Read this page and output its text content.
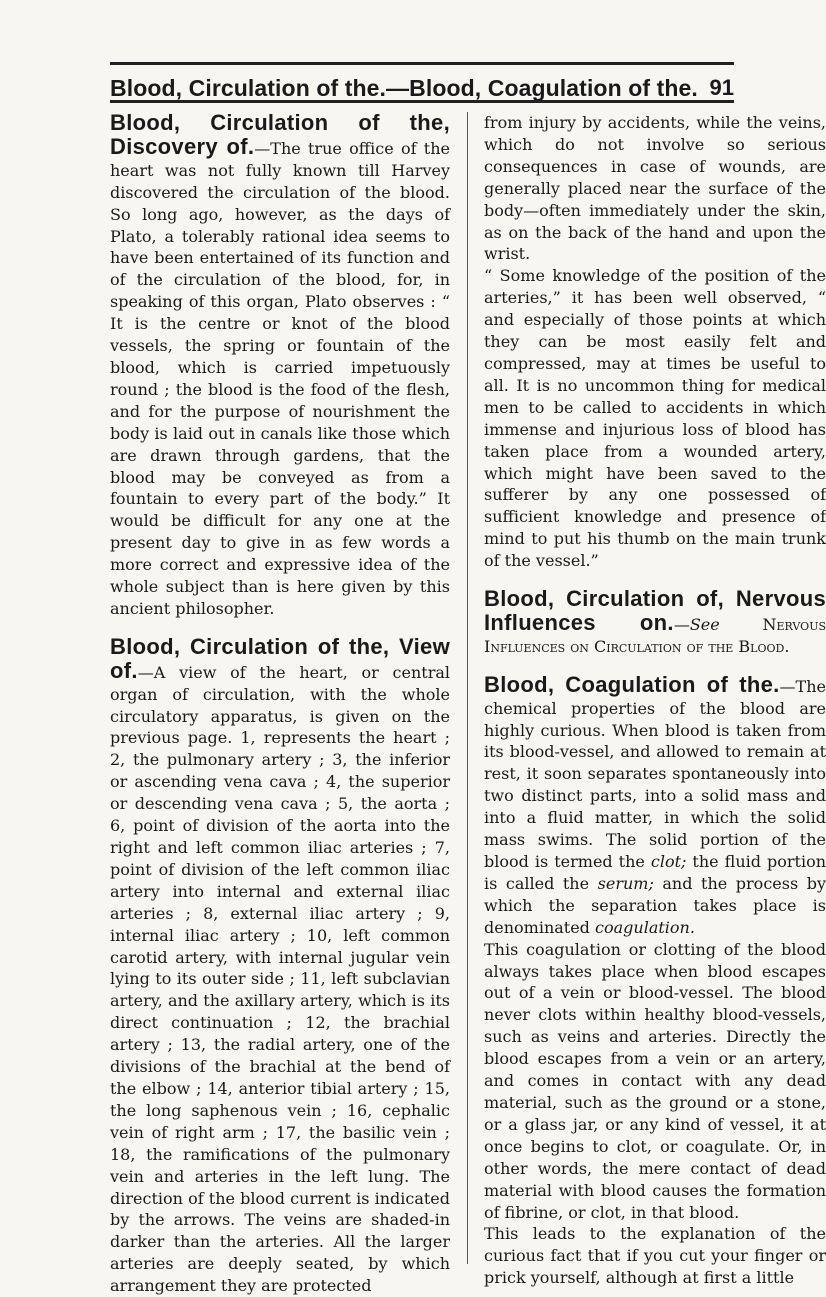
Blood, Circulation of the.—Blood, Coagulation of the. 91

Blood, Circulation of the, Discovery of.—The true office of the heart was not fully known till Harvey discovered the circulation of the blood. So long ago, however, as the days of Plato, a tolerably rational idea seems to have been entertained of its function and of the circulation of the blood, for, in speaking of this organ, Plato observes : “ It is the centre or knot of the blood vessels, the spring or fountain of the blood, which is carried impetuously round ; the blood is the food of the flesh, and for the purpose of nourishment the body is laid out in canals like those which are drawn through gardens, that the blood may be conveyed as from a fountain to every part of the body.” It would be difficult for any one at the present day to give in as few words a more correct and expressive idea of the whole subject than is here given by this ancient philosopher.

Blood, Circulation of the, View of.—A view of the heart, or central organ of circulation, with the whole circulatory apparatus, is given on the previous page. 1, represents the heart ; 2, the pulmonary artery ; 3, the inferior or ascending vena cava ; 4, the superior or descending vena cava ; 5, the aorta ; 6, point of division of the aorta into the right and left common iliac arteries ; 7, point of division of the left common iliac artery into internal and external iliac arteries ; 8, external iliac artery ; 9, internal iliac artery ; 10, left common carotid artery, with internal jugular vein lying to its outer side ; 11, left subclavian artery, and the axillary artery, which is its direct continuation ; 12, the brachial artery ; 13, the radial artery, one of the divisions of the brachial at the bend of the elbow ; 14, anterior tibial artery ; 15, the long saphenous vein ; 16, cephalic vein of right arm ; 17, the basilic vein ; 18, the ramifications of the pulmonary vein and arteries in the left lung. The direction of the blood current is indicated by the arrows. The veins are shaded-in darker than the arteries. All the larger arteries are deeply seated, by which arrangement they are protected

from injury by accidents, while the veins, which do not involve so serious consequences in case of wounds, are generally placed near the surface of the body—often immediately under the skin, as on the back of the hand and upon the wrist.

“ Some knowledge of the position of the arteries,” it has been well observed, “ and especially of those points at which they can be most easily felt and compressed, may at times be useful to all. It is no uncommon thing for medical men to be called to accidents in which immense and injurious loss of blood has taken place from a wounded artery, which might have been saved to the sufferer by any one possessed of sufficient knowledge and presence of mind to put his thumb on the main trunk of the vessel.”

Blood, Circulation of, Nervous Influences on.—See	Nervous Influences on Circulation of the Blood.

Blood, Coagulation of the.—The chemical properties of the blood are highly curious. When blood is taken from its blood-vessel, and allowed to remain at rest, it soon separates spontaneously into two distinct parts, into a solid mass and into a fluid matter, in which the solid mass swims. The solid portion of the blood is termed the clot; the fluid portion is called the serum; and the process by which the separation takes place is denominated coagulation.

This coagulation or clotting of the blood always takes place when blood escapes out of a vein or blood-vessel. The blood never clots within healthy blood-vessels, such as veins and arteries. Directly the blood escapes from a vein or an artery, and comes in contact with any dead material, such as the ground or a stone, or a glass jar, or any kind of vessel, it at once begins to clot, or coagulate. Or, in other words, the mere contact of dead material with blood causes the formation of fibrine, or clot, in that blood.

This leads to the explanation of the curious fact that if you cut your finger or prick yourself, although at first a little
